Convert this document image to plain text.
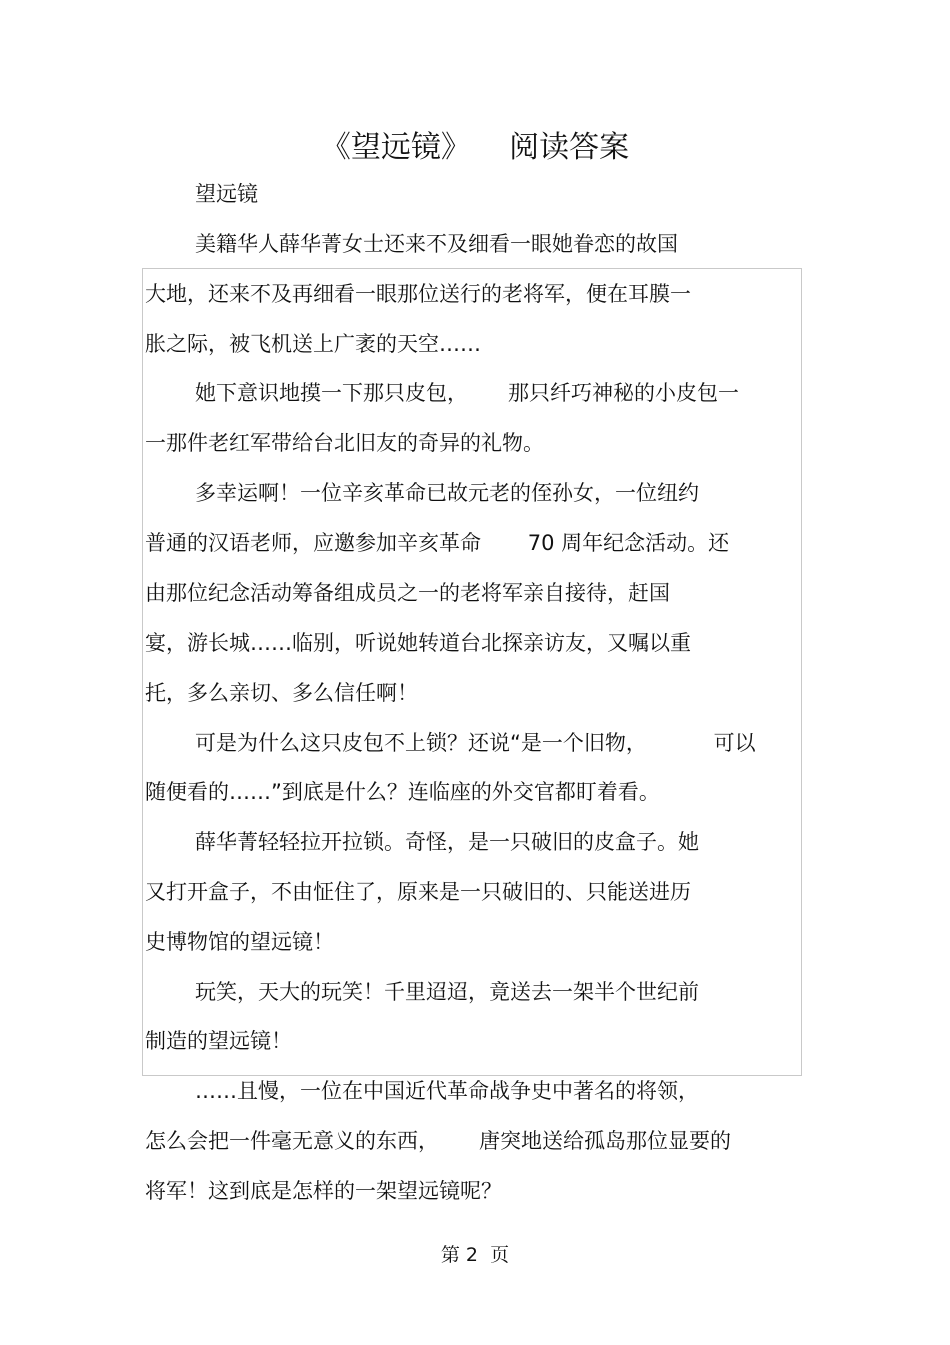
《望远镜》    阅读答案

望远镜

美籍华人薛华菁女士还来不及细看一眼她眷恋的故国

大地，还来不及再细看一眼那位送行的老将军，便在耳膜一

胀之际，被飞机送上广袤的天空……

她下意识地摸一下那只皮包，      那只纤巧神秘的小皮包一

一那件老红军带给台北旧友的奇异的礼物。

多幸运啊！一位辛亥革命已故元老的侄孙女，一位纽约

普通的汉语老师，应邀参加辛亥革命       70 周年纪念活动。还

由那位纪念活动筹备组成员之一的老将军亲自接待，赶国

宴，游长城……临别，听说她转道台北探亲访友，又嘱以重

托，多么亲切、多么信任啊！

可是为什么这只皮包不上锁？还说“是一个旧物，          可以

随便看的……”到底是什么？连临座的外交官都盯着看。

薛华菁轻轻拉开拉锁。奇怪，是一只破旧的皮盒子。她

又打开盒子，不由怔住了，原来是一只破旧的、只能送进历

史博物馆的望远镜！

玩笑，天大的玩笑！千里迢迢，竟送去一架半个世纪前

制造的望远镜！

……且慢，一位在中国近代革命战争史中著名的将领，

怎么会把一件毫无意义的东西，      唐突地送给孤岛那位显要的

将军！这到底是怎样的一架望远镜呢？

第 2  页
